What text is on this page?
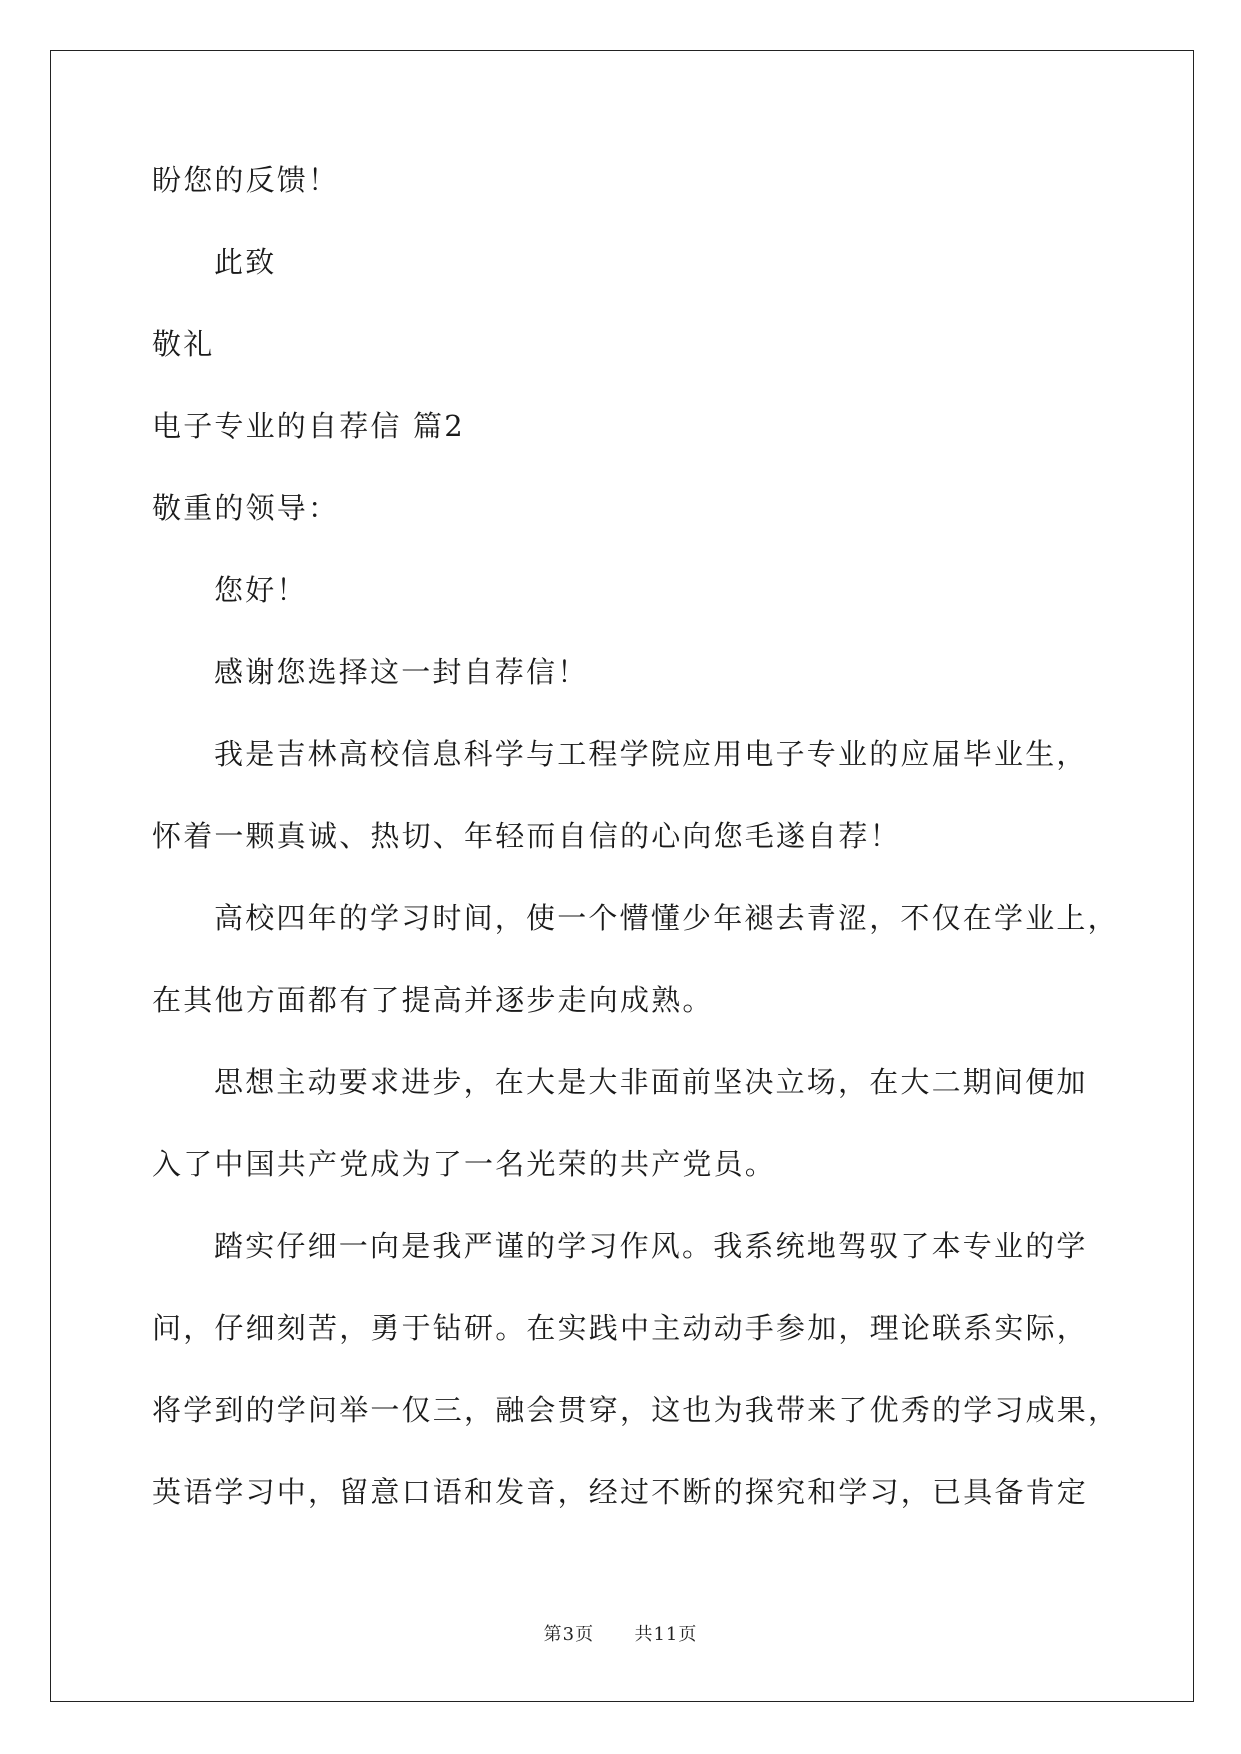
盼您的反馈！
此致
敬礼
电子专业的自荐信 篇2
敬重的领导：
您好！
感谢您选择这一封自荐信！
我是吉林高校信息科学与工程学院应用电子专业的应届毕业生，
怀着一颗真诚、热切、年轻而自信的心向您毛遂自荐！
高校四年的学习时间，使一个懵懂少年褪去青涩，不仅在学业上，
在其他方面都有了提高并逐步走向成熟。
思想主动要求进步，在大是大非面前坚决立场，在大二期间便加
入了中国共产党成为了一名光荣的共产党员。
踏实仔细一向是我严谨的学习作风。我系统地驾驭了本专业的学
问，仔细刻苦，勇于钻研。在实践中主动动手参加，理论联系实际，
将学到的学问举一仅三，融会贯穿，这也为我带来了优秀的学习成果，
英语学习中，留意口语和发音，经过不断的探究和学习，已具备肯定
第3页 共11页
